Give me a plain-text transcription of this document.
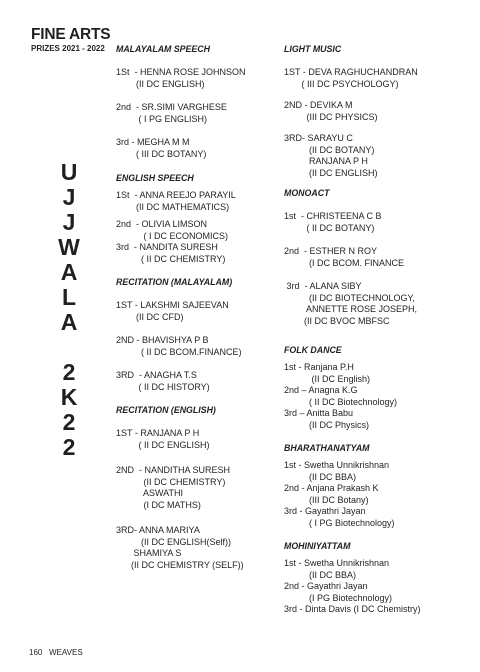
FINE ARTS
PRIZES 2021 - 2022
U
J
J
W
A
L
A
2
K
2
2
MALAYALAM SPEECH
1St  - HENNA ROSE JOHNSON
(II DC ENGLISH)
2nd  - SR.SIMI VARGHESE
( I PG ENGLISH)
3rd - MEGHA M M
( III DC BOTANY)
ENGLISH SPEECH
1St  - ANNA REEJO PARAYIL
(II DC MATHEMATICS)
2nd  - OLIVIA LIMSON
( I DC ECONOMICS)
3rd  - NANDITA SURESH
( II DC CHEMISTRY)
RECITATION (MALAYALAM)
1ST - LAKSHMI SAJEEVAN
(II DC CFD)
2ND - BHAVISHYA P B
( II DC BCOM.FINANCE)
3RD  - ANAGHA T.S
( II DC HISTORY)
RECITATION (ENGLISH)
1ST - RANJANA P H
( II DC ENGLISH)
2ND  - NANDITHA SURESH
(II DC CHEMISTRY)
ASWATHI
(I DC MATHS)
3RD- ANNA MARIYA
(II DC ENGLISH(Self))
SHAMIYA S
(II DC CHEMISTRY (SELF))
LIGHT MUSIC
1ST - DEVA RAGHUCHANDRAN
( III DC PSYCHOLOGY)
2ND - DEVIKA M
(III DC PHYSICS)
3RD- SARAYU C
(II DC BOTANY)
RANJANA P H
(II DC ENGLISH)
MONOACT
1st  - CHRISTEENA C B
( II DC BOTANY)
2nd  - ESTHER N ROY
(I DC BCOM. FINANCE
3rd  - ALANA SIBY
(II DC BIOTECHNOLOGY,
ANNETTE ROSE JOSEPH,
(II DC BVOC MBFSC
FOLK DANCE
1st - Ranjana P.H
(II DC English)
2nd – Anagna K.G
( II DC Biotechnology)
3rd – Anitta Babu
(II DC Physics)
BHARATHANATYAM
1st - Swetha Unnikrishnan
(II DC BBA)
2nd - Anjana Prakash K
(III DC Botany)
3rd - Gayathri Jayan
( I PG Biotechnology)
MOHINIYATTAM
1st - Swetha Unnikrishnan
(II DC BBA)
2nd - Gayathri Jayan
(I PG Biotechnology)
3rd - Dinta Davis (I DC Chemistry)
160 WEAVES
